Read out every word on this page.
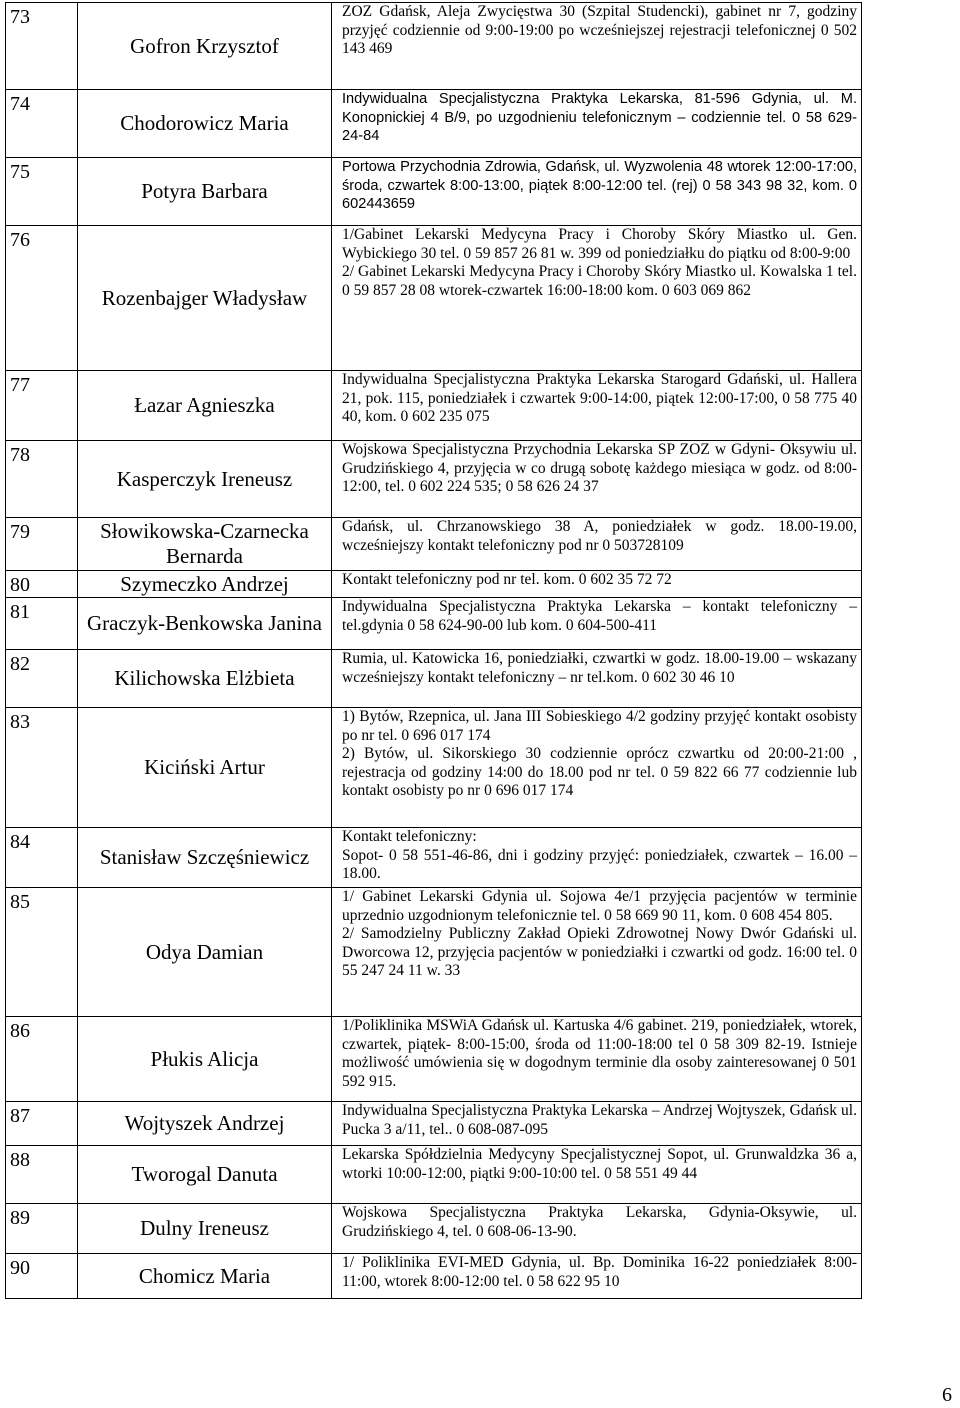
73	Gofron Krzysztof	ZOZ Gdańsk, Aleja Zwycięstwa 30 (Szpital Studencki), gabinet nr 7, godziny przyjęć codziennie od 9:00-19:00 po wcześniejszej rejestracji telefonicznej 0 502 143 469

74	Chodorowicz Maria	Indywidualna Specjalistyczna Praktyka Lekarska, 81-596 Gdynia, ul. M. Konopnickiej 4 B/9, po uzgodnieniu telefonicznym – codziennie tel. 0 58 629-24-84

75	Potyra Barbara	Portowa Przychodnia Zdrowia, Gdańsk, ul. Wyzwolenia 48 wtorek 12:00-17:00, środa, czwartek 8:00-13:00, piątek 8:00-12:00 tel. (rej) 0 58 343 98 32, kom. 0 602443659

76	Rozenbajger Władysław	1/Gabinet Lekarski Medycyna Pracy i Choroby Skóry Miastko ul. Gen. Wybickiego 30 tel. 0 59 857 26 81 w. 399 od poniedziałku do piątku od 8:00-9:00

2/ Gabinet Lekarski Medycyna Pracy i Choroby Skóry Miastko ul. Kowalska 1 tel. 0 59 857 28 08 wtorek-czwartek 16:00-18:00 kom. 0 603 069 862

77	Łazar Agnieszka	Indywidualna Specjalistyczna Praktyka Lekarska Starogard Gdański, ul. Hallera 21, pok. 115, poniedziałek i czwartek 9:00-14:00, piątek 12:00-17:00, 0 58 775 40 40, kom. 0 602 235 075

78	Kasperczyk Ireneusz	Wojskowa Specjalistyczna Przychodnia Lekarska SP ZOZ w Gdyni- Oksywiu ul. Grudzińskiego 4, przyjęcia w co drugą sobotę każdego miesiąca w godz. od 8:00-12:00, tel. 0 602 224 535; 0 58 626 24 37

79	Słowikowska-Czarnecka Bernarda	Gdańsk, ul. Chrzanowskiego 38 A, poniedziałek w godz. 18.00-19.00, wcześniejszy kontakt telefoniczny pod nr 0 503728109

80	Szymeczko Andrzej	Kontakt telefoniczny pod nr tel. kom. 0 602 35 72 72

81	Graczyk-Benkowska Janina	Indywidualna Specjalistyczna Praktyka Lekarska – kontakt telefoniczny – tel.gdynia 0 58 624-90-00 lub kom. 0 604-500-411

82	Kilichowska Elżbieta	Rumia, ul. Katowicka 16, poniedziałki, czwartki w godz. 18.00-19.00 – wskazany wcześniejszy kontakt telefoniczny – nr tel.kom. 0 602 30 46 10

83	Kiciński Artur	1) Bytów, Rzepnica, ul. Jana III Sobieskiego 4/2 godziny przyjęć kontakt osobisty po nr tel. 0 696 017 174

2) Bytów, ul. Sikorskiego 30 codziennie oprócz czwartku od 20:00-21:00 , rejestracja od godziny 14:00 do 18.00 pod nr tel. 0 59 822 66 77 codziennie lub kontakt osobisty po nr 0 696 017 174

84	Stanisław Szczęśniewicz	Kontakt telefoniczny:

Sopot- 0 58 551-46-86, dni i godziny przyjęć: poniedziałek, czwartek – 16.00 – 18.00.

85	Odya Damian	1/ Gabinet Lekarski Gdynia ul. Sojowa 4e/1 przyjęcia pacjentów w terminie uprzednio uzgodnionym telefonicznie tel. 0 58 669 90 11, kom. 0 608 454 805.

2/ Samodzielny Publiczny Zakład Opieki Zdrowotnej Nowy Dwór Gdański ul. Dworcowa 12, przyjęcia pacjentów w poniedziałki i czwartki od godz. 16:00 tel. 0 55 247 24 11 w. 33

86	Płukis Alicja	1/Poliklinika MSWiA Gdańsk ul. Kartuska 4/6 gabinet. 219, poniedziałek, wtorek, czwartek, piątek- 8:00-15:00, środa od 11:00-18:00 tel 0 58 309 82-19. Istnieje możliwość umówienia się w dogodnym terminie dla osoby zainteresowanej 0 501 592 915.

87	Wojtyszek Andrzej	Indywidualna Specjalistyczna Praktyka Lekarska – Andrzej Wojtyszek, Gdańsk ul. Pucka 3 a/11, tel.. 0 608-087-095

88	Tworogal Danuta	Lekarska Spółdzielnia Medycyny Specjalistycznej Sopot, ul. Grunwaldzka 36 a, wtorki 10:00-12:00, piątki 9:00-10:00 tel. 0 58 551 49 44

89	Dulny Ireneusz	Wojskowa Specjalistyczna Praktyka Lekarska, Gdynia-Oksywie, ul. Grudzińskiego 4, tel. 0 608-06-13-90.

90	Chomicz Maria	1/ Poliklinika EVI-MED Gdynia, ul. Bp. Dominika 16-22 poniedziałek 8:00-11:00, wtorek 8:00-12:00 tel. 0 58 622 95 10

6
